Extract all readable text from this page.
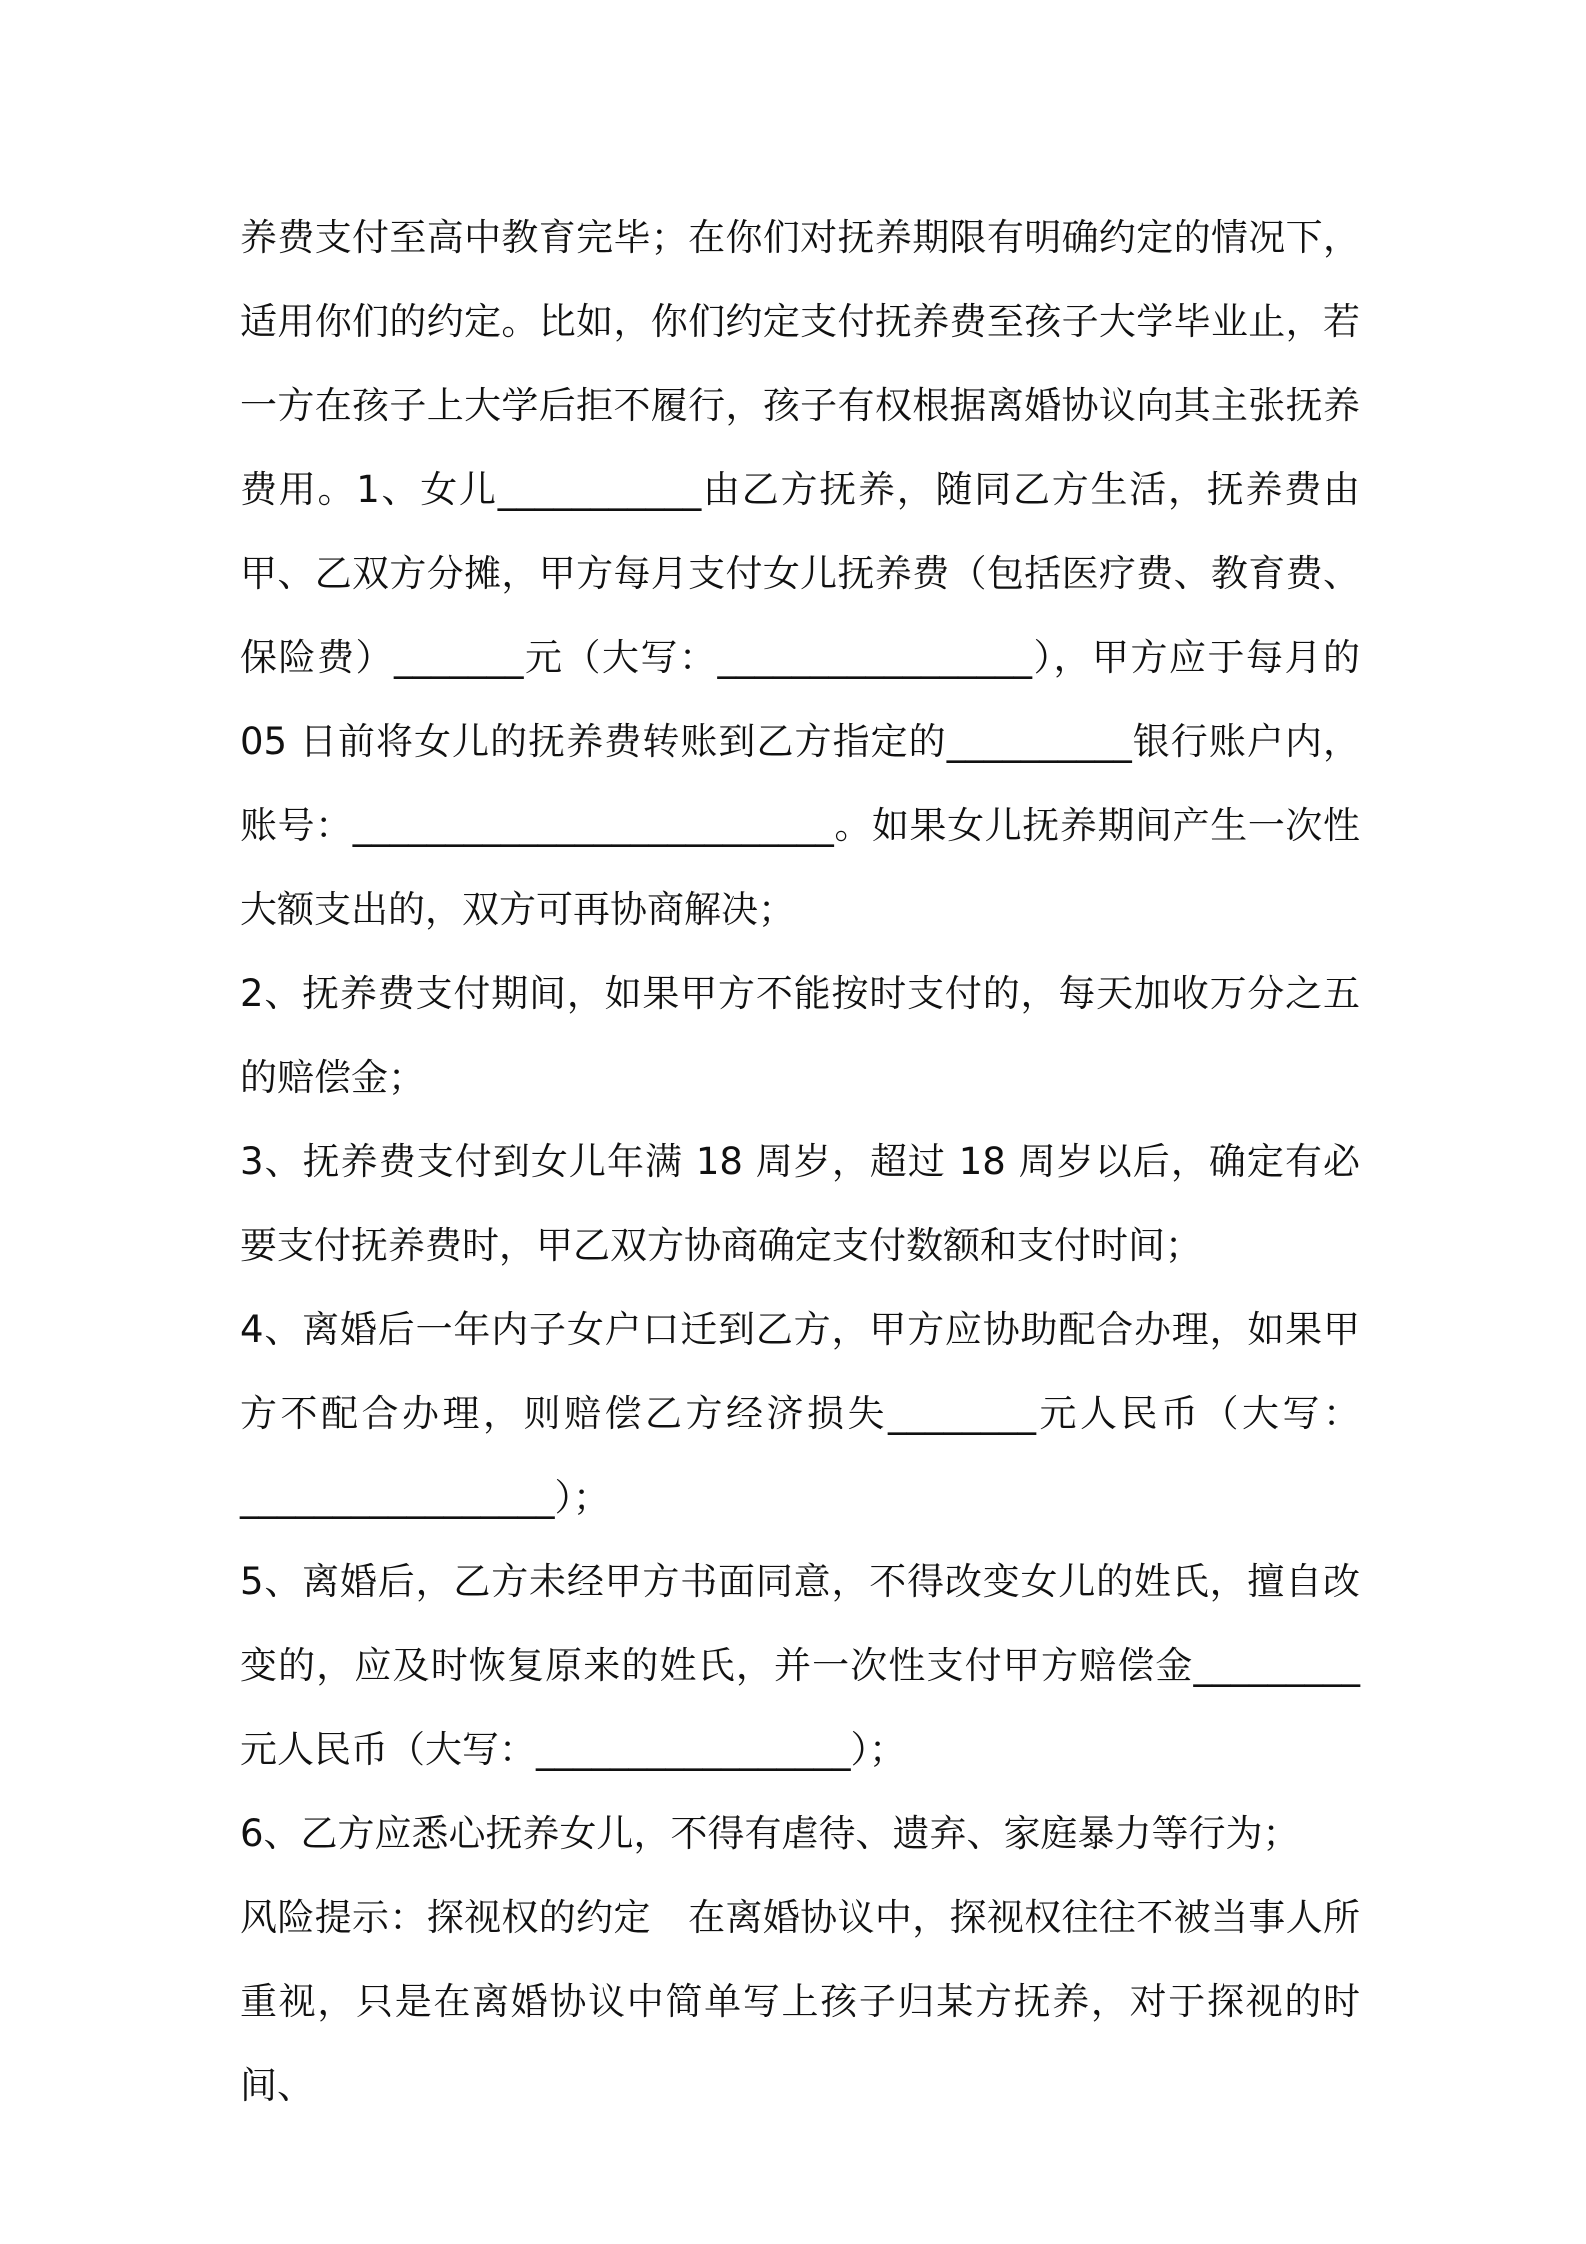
养费支付至高中教育完毕；在你们对抚养期限有明确约定的情况下，适用你们的约定。比如，你们约定支付抚养费至孩子大学毕业止，若一方在孩子上大学后拒不履行，孩子有权根据离婚协议向其主张抚养费用。1、女儿___________由乙方抚养，随同乙方生活，抚养费由甲、乙双方分摊，甲方每月支付女儿抚养费（包括医疗费、教育费、保险费）_______元（大写：_________________），甲方应于每月的 05 日前将女儿的抚养费转账到乙方指定的__________银行账户内，账号：__________________________。如果女儿抚养期间产生一次性大额支出的，双方可再协商解决；

2、抚养费支付期间，如果甲方不能按时支付的，每天加收万分之五的赔偿金；

3、抚养费支付到女儿年满 18 周岁，超过 18 周岁以后，确定有必要支付抚养费时，甲乙双方协商确定支付数额和支付时间；

4、离婚后一年内子女户口迁到乙方，甲方应协助配合办理，如果甲方不配合办理，则赔偿乙方经济损失________元人民币（大写：_________________）；

5、离婚后，乙方未经甲方书面同意，不得改变女儿的姓氏，擅自改变的，应及时恢复原来的姓氏，并一次性支付甲方赔偿金_________元人民币（大写：_________________）；

6、乙方应悉心抚养女儿，不得有虐待、遗弃、家庭暴力等行为；

风险提示：探视权的约定　在离婚协议中，探视权往往不被当事人所重视，只是在离婚协议中简单写上孩子归某方抚养，对于探视的时间、
